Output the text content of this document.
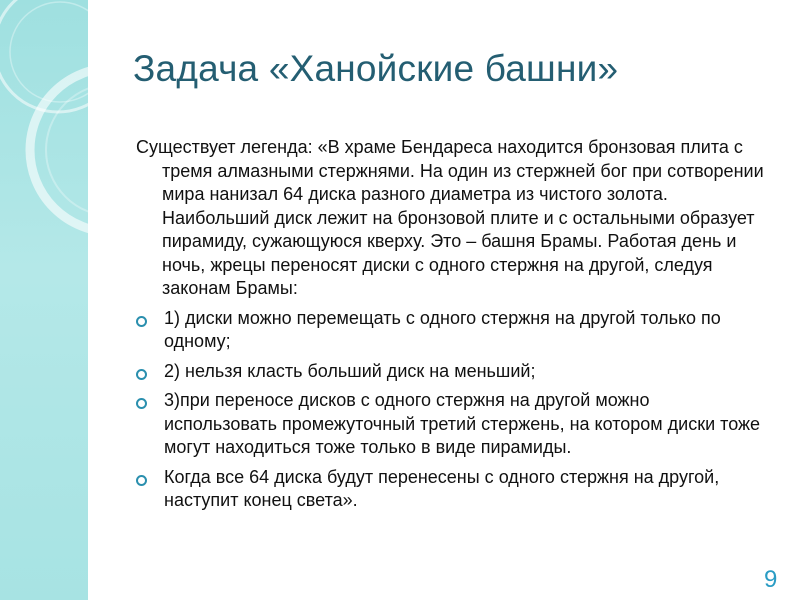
Задача «Ханойские башни»

Существует легенда: «В храме Бендареса находится бронзовая плита с тремя алмазными стержнями. На один из стержней бог при сотворении мира нанизал 64 диска разного диаметра из чистого золота. Наибольший диск лежит на бронзовой плите и с остальными образует пирамиду, сужающуюся кверху. Это – башня Брамы. Работая день и ночь, жрецы переносят диски с одного стержня на другой, следуя законам Брамы:

1) диски можно перемещать с одного стержня на другой только по одному;
2) нельзя класть больший диск на меньший;
3)при переносе дисков с одного стержня на другой можно использовать промежуточный третий стержень, на котором диски тоже могут находиться тоже только в виде пирамиды.
Когда все 64 диска будут перенесены с одного стержня на другой, наступит конец света».
9
